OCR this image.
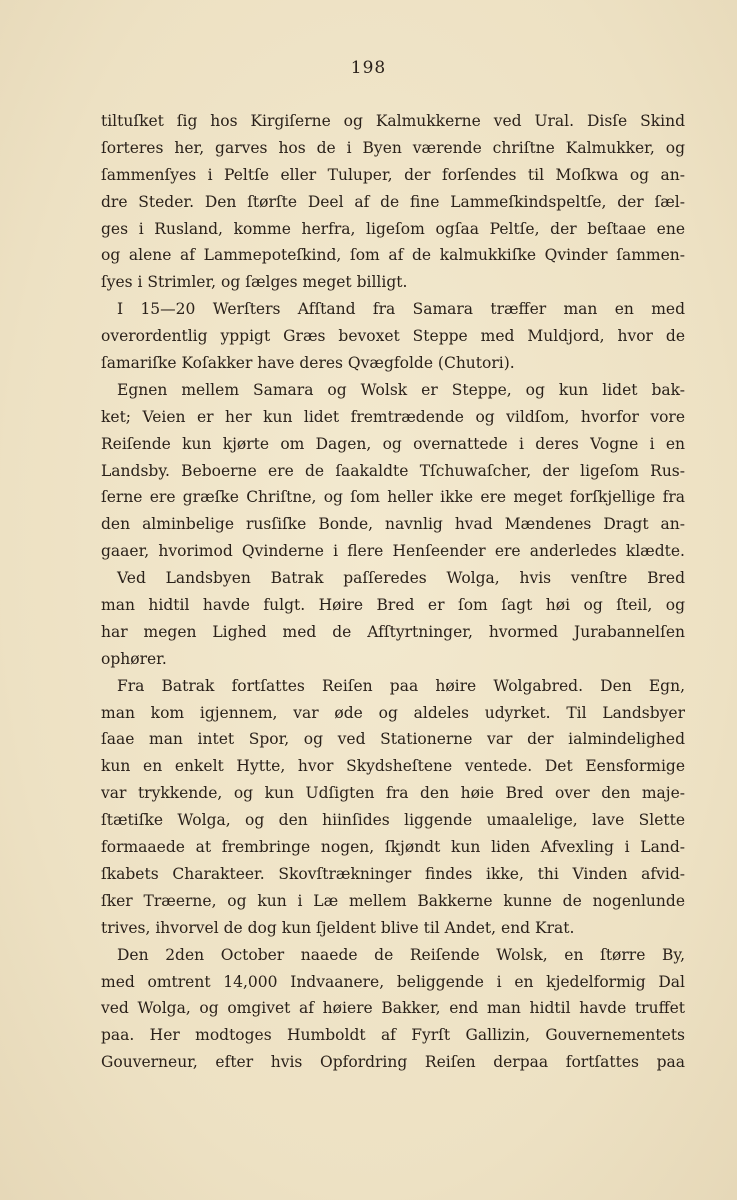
198
tiltuſket ſig hos Kirgiſerne og Kalmukkerne ved Ural. Disſe Skind
ſorteres her, garves hos de i Byen værende chriſtne Kalmukker, og
ſammenſyes i Peltſe eller Tuluper, der forſendes til Moſkwa og an-
dre Steder. Den ſtørſte Deel af de fine Lammeſkindspeltſe, der ſæl-
ges i Rusland, komme herfra, ligeſom ogſaa Peltſe, der beſtaae ene
og alene af Lammepoteſkind, ſom af de kalmukkiſke Qvinder ſammen-
ſyes i Strimler, og ſælges meget billigt.
I 15—20 Werſters Afſtand fra Samara træffer man en med
overordentlig yppigt Græs bevoxet Steppe med Muldjord, hvor de
ſamariſke Koſakker have deres Qvægfolde (Chutori).
Egnen mellem Samara og Wolsk er Steppe, og kun lidet bak-
ket; Veien er her kun lidet fremtrædende og vildſom, hvorfor vore
Reiſende kun kjørte om Dagen, og overnattede i deres Vogne i en
Landsby. Beboerne ere de ſaakaldte Tſchuwaſcher, der ligeſom Rus-
ſerne ere græſke Chriſtne, og ſom heller ikke ere meget forſkjellige fra
den alminbelige rusſiſke Bonde, navnlig hvad Mændenes Dragt an-
gaaer, hvorimod Qvinderne i flere Henſeender ere anderledes klædte.
Ved Landsbyen Batrak paſſeredes Wolga, hvis venſtre Bred
man hidtil havde fulgt. Høire Bred er ſom ſagt høi og ſteil, og
har megen Lighed med de Afſtyrtninger, hvormed Jurabannelſen
ophører.
Fra Batrak fortſattes Reiſen paa høire Wolgabred. Den Egn,
man kom igjennem, var øde og aldeles udyrket. Til Landsbyer
ſaae man intet Spor, og ved Stationerne var der ialmindelighed
kun en enkelt Hytte, hvor Skydsheſtene ventede. Det Eensformige
var trykkende, og kun Udſigten fra den høie Bred over den maje-
ſtætiſke Wolga, og den hiinſides liggende umaalelige, lave Slette
formaaede at frembringe nogen, ſkjøndt kun liden Afvexling i Land-
ſkabets Charakteer. Skovſtrækninger findes ikke, thi Vinden afvid-
ſker Træerne, og kun i Læ mellem Bakkerne kunne de nogenlunde
trives, ihvorvel de dog kun ſjeldent blive til Andet, end Krat.
Den 2den October naaede de Reiſende Wolsk, en ſtørre By,
med omtrent 14,000 Indvaanere, beliggende i en kjedelformig Dal
ved Wolga, og omgivet af høiere Bakker, end man hidtil havde truffet
paa. Her modtoges Humboldt af Fyrſt Gallizin, Gouvernementets
Gouverneur, efter hvis Opfordring Reiſen derpaa fortſattes paa
